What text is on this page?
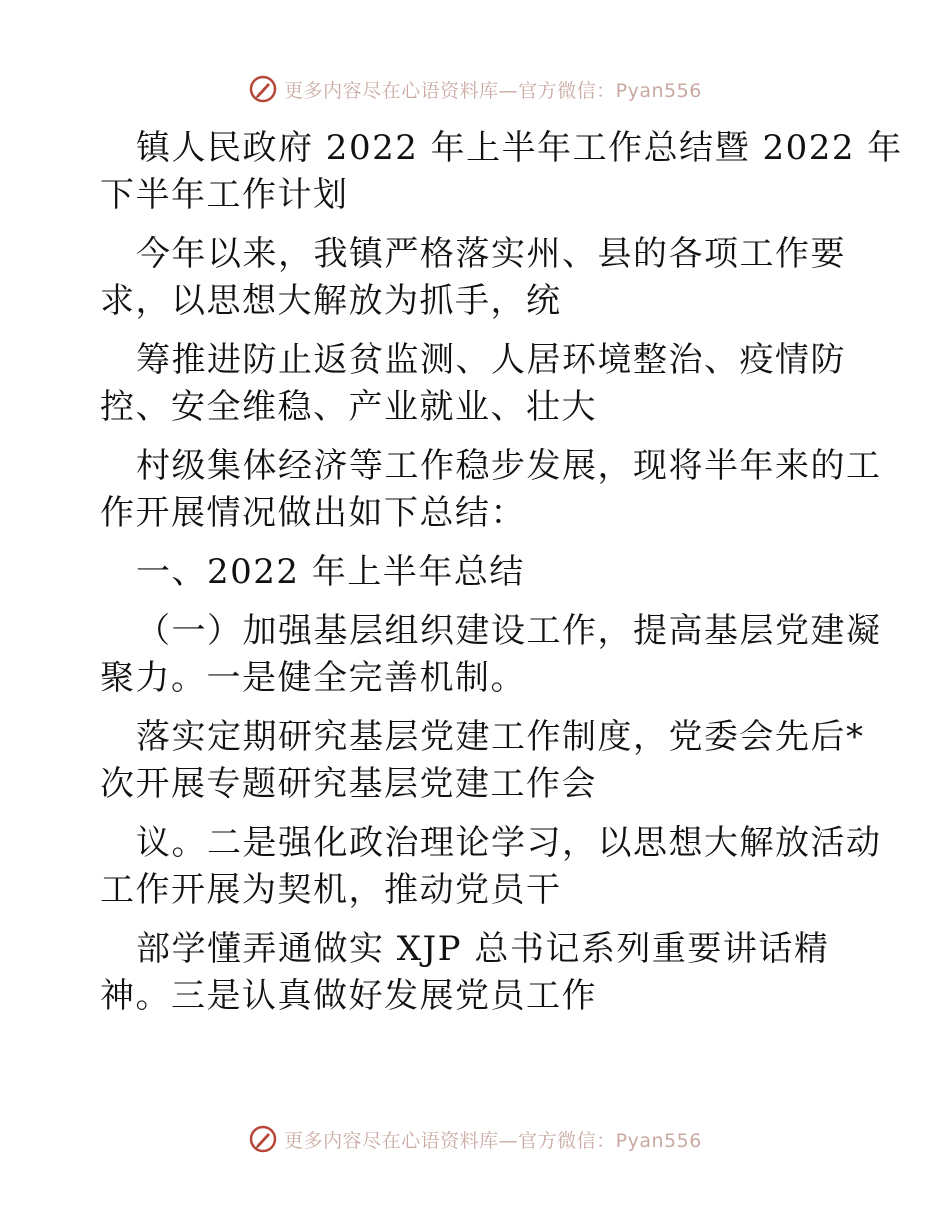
更多内容尽在心语资料库—官方微信：Pyan556
镇人民政府 2022 年上半年工作总结暨 2022 年
下半年工作计划
今年以来，我镇严格落实州、县的各项工作要
求，以思想大解放为抓手，统
筹推进防止返贫监测、人居环境整治、疫情防
控、安全维稳、产业就业、壮大
村级集体经济等工作稳步发展，现将半年来的工
作开展情况做出如下总结：
一、2022 年上半年总结
（一）加强基层组织建设工作，提高基层党建凝
聚力。一是健全完善机制。
落实定期研究基层党建工作制度，党委会先后*
次开展专题研究基层党建工作会
议。二是强化政治理论学习，以思想大解放活动
工作开展为契机，推动党员干
部学懂弄通做实 XJP 总书记系列重要讲话精
神。三是认真做好发展党员工作
更多内容尽在心语资料库—官方微信：Pyan556
